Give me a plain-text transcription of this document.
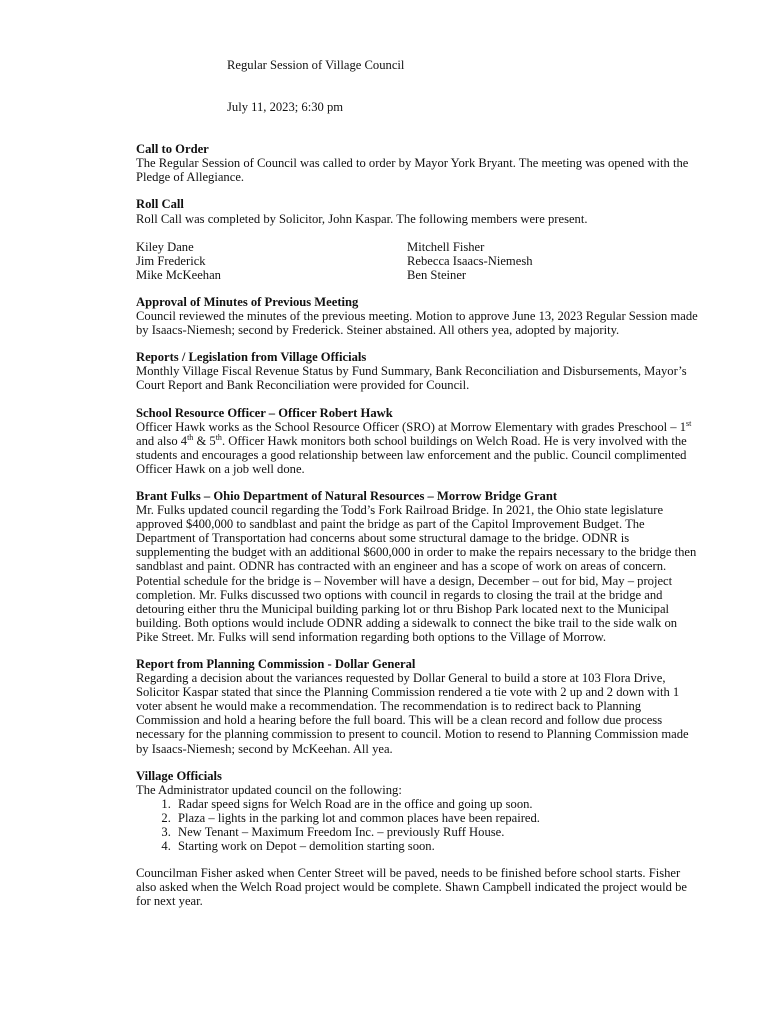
Regular Session of Village Council

July 11, 2023; 6:30 pm

Call to Order

The Regular Session of Council was called to order by Mayor York Bryant. The meeting was opened with the Pledge of Allegiance.

Roll Call

Roll Call was completed by Solicitor, John Kaspar. The following members were present.

Kiley Dane	Mitchell Fisher
Jim Frederick	Rebecca Isaacs-Niemesh
Mike McKeehan	Ben Steiner
Approval of Minutes of Previous Meeting

Council reviewed the minutes of the previous meeting. Motion to approve June 13, 2023 Regular Session made by Isaacs-Niemesh; second by Frederick. Steiner abstained. All others yea, adopted by majority.

Reports / Legislation from Village Officials

Monthly Village Fiscal Revenue Status by Fund Summary, Bank Reconciliation and Disbursements, Mayor’s Court Report and Bank Reconciliation were provided for Council.

School Resource Officer – Officer Robert Hawk

Officer Hawk works as the School Resource Officer (SRO) at Morrow Elementary with grades Preschool – 1st and also 4th & 5th. Officer Hawk monitors both school buildings on Welch Road. He is very involved with the students and encourages a good relationship between law enforcement and the public. Council complimented Officer Hawk on a job well done.

Brant Fulks – Ohio Department of Natural Resources – Morrow Bridge Grant

Mr. Fulks updated council regarding the Todd’s Fork Railroad Bridge. In 2021, the Ohio state legislature approved $400,000 to sandblast and paint the bridge as part of the Capitol Improvement Budget. The Department of Transportation had concerns about some structural damage to the bridge. ODNR is supplementing the budget with an additional $600,000 in order to make the repairs necessary to the bridge then sandblast and paint. ODNR has contracted with an engineer and has a scope of work on areas of concern. Potential schedule for the bridge is – November will have a design, December – out for bid, May – project completion. Mr. Fulks discussed two options with council in regards to closing the trail at the bridge and detouring either thru the Municipal building parking lot or thru Bishop Park located next to the Municipal building. Both options would include ODNR adding a sidewalk to connect the bike trail to the side walk on Pike Street. Mr. Fulks will send information regarding both options to the Village of Morrow.

Report from Planning Commission - Dollar General

Regarding a decision about the variances requested by Dollar General to build a store at 103 Flora Drive, Solicitor Kaspar stated that since the Planning Commission rendered a tie vote with 2 up and 2 down with 1 voter absent he would make a recommendation. The recommendation is to redirect back to Planning Commission and hold a hearing before the full board. This will be a clean record and follow due process necessary for the planning commission to present to council. Motion to resend to Planning Commission made by Isaacs-Niemesh; second by McKeehan. All yea.

Village Officials

The Administrator updated council on the following:

1. Radar speed signs for Welch Road are in the office and going up soon.
2. Plaza – lights in the parking lot and common places have been repaired.
3. New Tenant – Maximum Freedom Inc. – previously Ruff House.
4. Starting work on Depot – demolition starting soon.

Councilman Fisher asked when Center Street will be paved, needs to be finished before school starts. Fisher also asked when the Welch Road project would be complete. Shawn Campbell indicated the project would be for next year.
